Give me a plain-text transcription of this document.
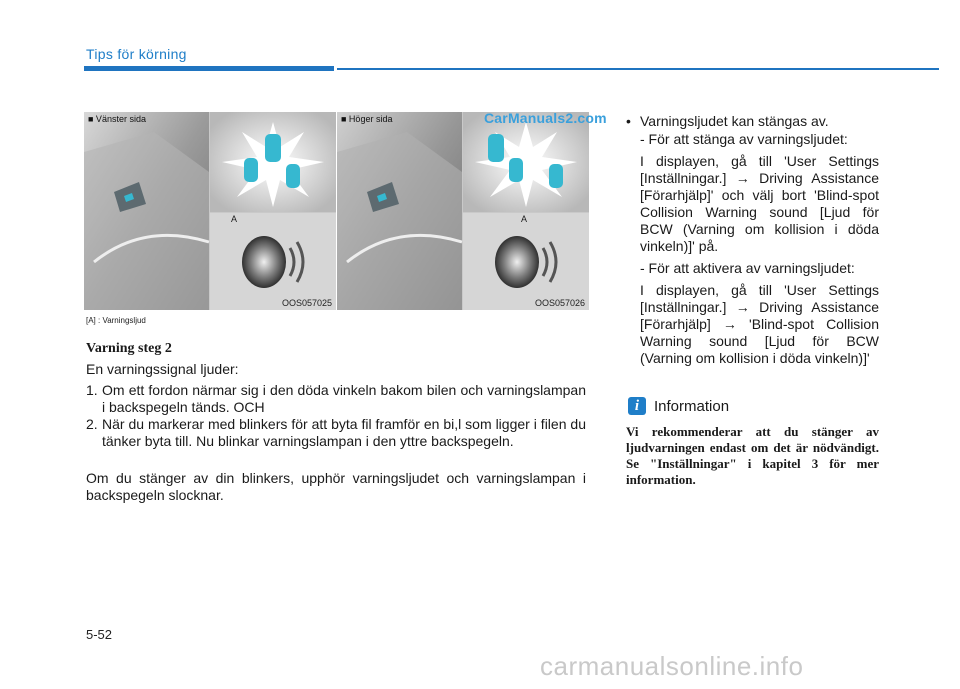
Tips för körning
■ Vänster sida
A
OOS057025
■ Höger sida
A
OOS057026
CarManuals2.com
[A] : Varningsljud
Varning steg 2
En varningssignal ljuder:
1. Om ett fordon närmar sig i den döda vinkeln bakom bilen och varningslampan i backspegeln tänds. OCH
2. När du markerar med blinkers för att byta fil framför en bi,l som ligger i filen du tänker byta till. Nu blinkar varningslampan i den yttre backspegeln.
Om du stänger av din blinkers, upphör varningsljudet och varningslampan i backspegeln slocknar.
• Varningsljudet kan stängas av.
- För att stänga av varningsljudet:
I displayen, gå till 'User Settings [Inställningar.] → Driving Assistance [Förarhjälp]' och välj bort 'Blind-spot Collision Warning sound [Ljud för BCW (Varning om kollision i döda vinkeln)]' på.
- För att aktivera av varningsljudet:
I displayen, gå till 'User Settings [Inställningar.] → Driving Assistance [Förarhjälp] → 'Blind-spot Collision Warning sound [Ljud för BCW (Varning om kollision i döda vinkeln)]'
i Information
Vi rekommenderar att du stänger av ljudvarningen endast om det är nödvändigt. Se "Inställningar" i kapitel 3 för mer information.
5-52
carmanualsonline.info
